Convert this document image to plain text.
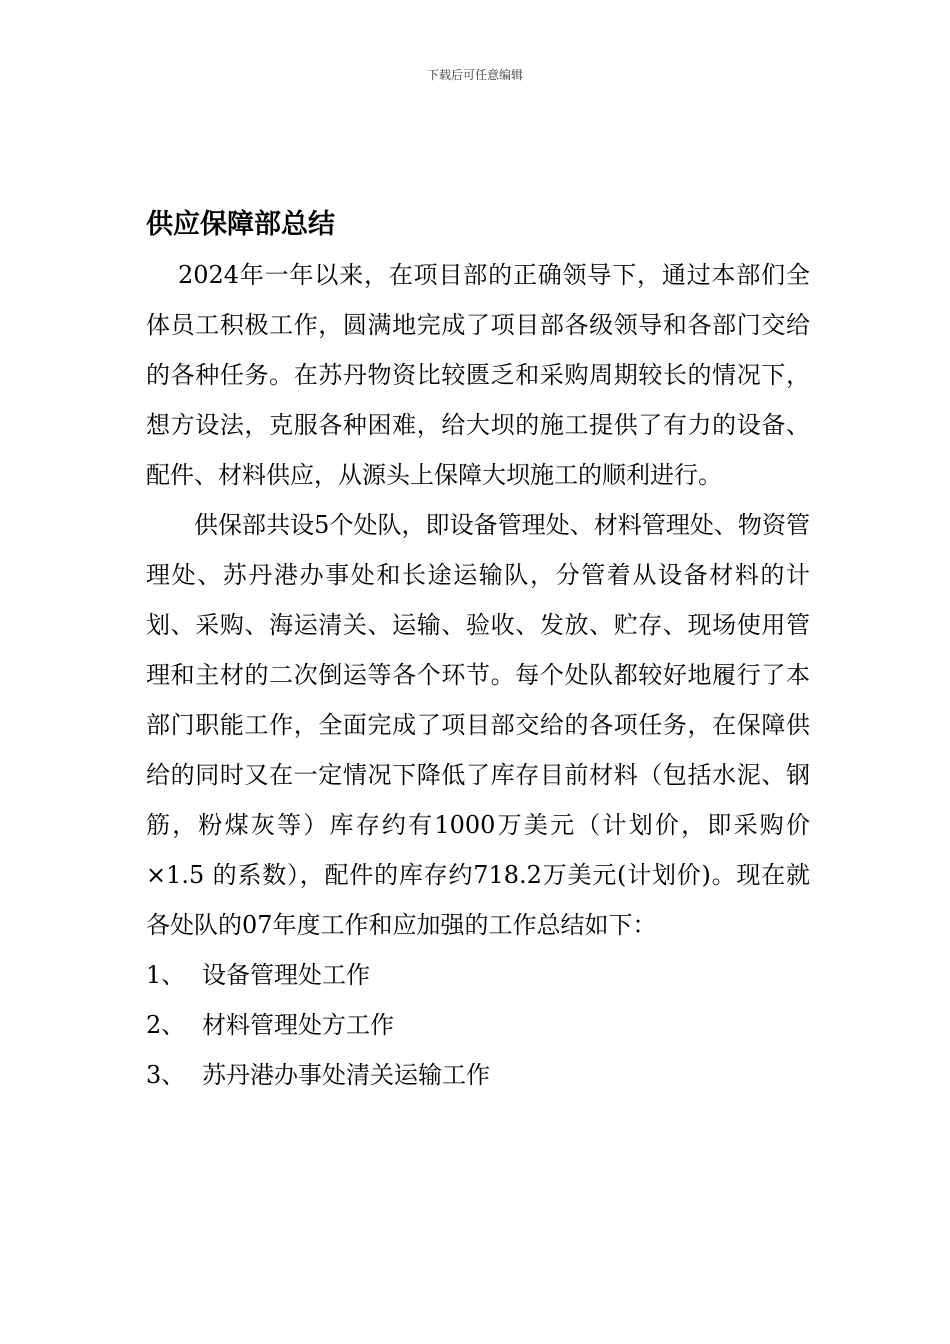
下载后可任意编辑
供应保障部总结

2024年一年以来，在项目部的正确领导下，通过本部们全体员工积极工作，圆满地完成了项目部各级领导和各部门交给的各种任务。在苏丹物资比较匮乏和采购周期较长的情况下，想方设法，克服各种困难，给大坝的施工提供了有力的设备、配件、材料供应，从源头上保障大坝施工的顺利进行。

供保部共设5个处队，即设备管理处、材料管理处、物资管理处、苏丹港办事处和长途运输队，分管着从设备材料的计划、采购、海运清关、运输、验收、发放、贮存、现场使用管理和主材的二次倒运等各个环节。每个处队都较好地履行了本部门职能工作，全面完成了项目部交给的各项任务，在保障供给的同时又在一定情况下降低了库存目前材料（包括水泥、钢筋，粉煤灰等）库存约有1000万美元（计划价，即采购价×1.5 的系数），配件的库存约718.2万美元(计划价)。现在就各处队的07年度工作和应加强的工作总结如下：

1、 设备管理处工作
2、 材料管理处方工作
3、 苏丹港办事处清关运输工作
